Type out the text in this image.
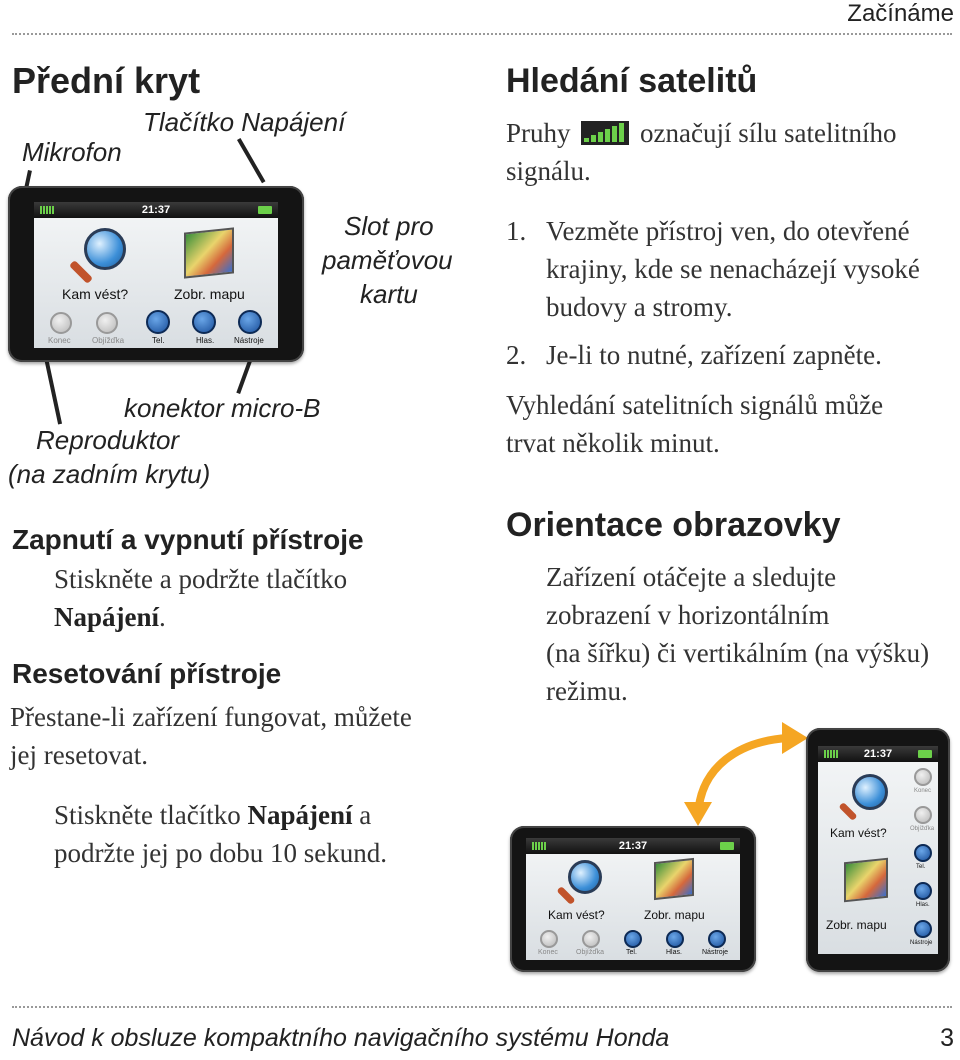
Začínáme
Přední kryt
Tlačítko Napájení
Mikrofon
Slot pro
paměťovou
kartu
21:37
Kam vést?	Zobr. mapu
Konec	Objížďka	Tel.	Hlas. Nástroje
konektor micro-B
Reproduktor
(na zadním krytu)
Zapnutí a vypnutí přístroje
Stiskněte a podržte tlačítko
Napájení.
Resetování přístroje
Přestane-li zařízení fungovat, můžete
jej resetovat.
Stiskněte tlačítko Napájení a
podržte jej po dobu 10 sekund.
Hledání satelitů
Pruhy	označují sílu satelitního
signálu.
1. Vezměte přístroj ven, do otevřené
krajiny, kde se nenacházejí vysoké
budovy a stromy.
2. Je-li to nutné, zařízení zapněte.
Vyhledání satelitních signálů může
trvat několik minut.
Orientace obrazovky
Zařízení otáčejte a sledujte
zobrazení v horizontálním
(na šířku) či vertikálním (na výšku)
režimu.
21:37
Kam vést?	Zobr. mapu
Konec	Objížďka	Tel.	Hlas.	Nástroje
21:37
Kam vést?
Zobr. mapu
Konec
Objížďka
Tel.
Hlas.
Nástroje
Návod k obsluze kompaktního navigačního systému Honda	3
